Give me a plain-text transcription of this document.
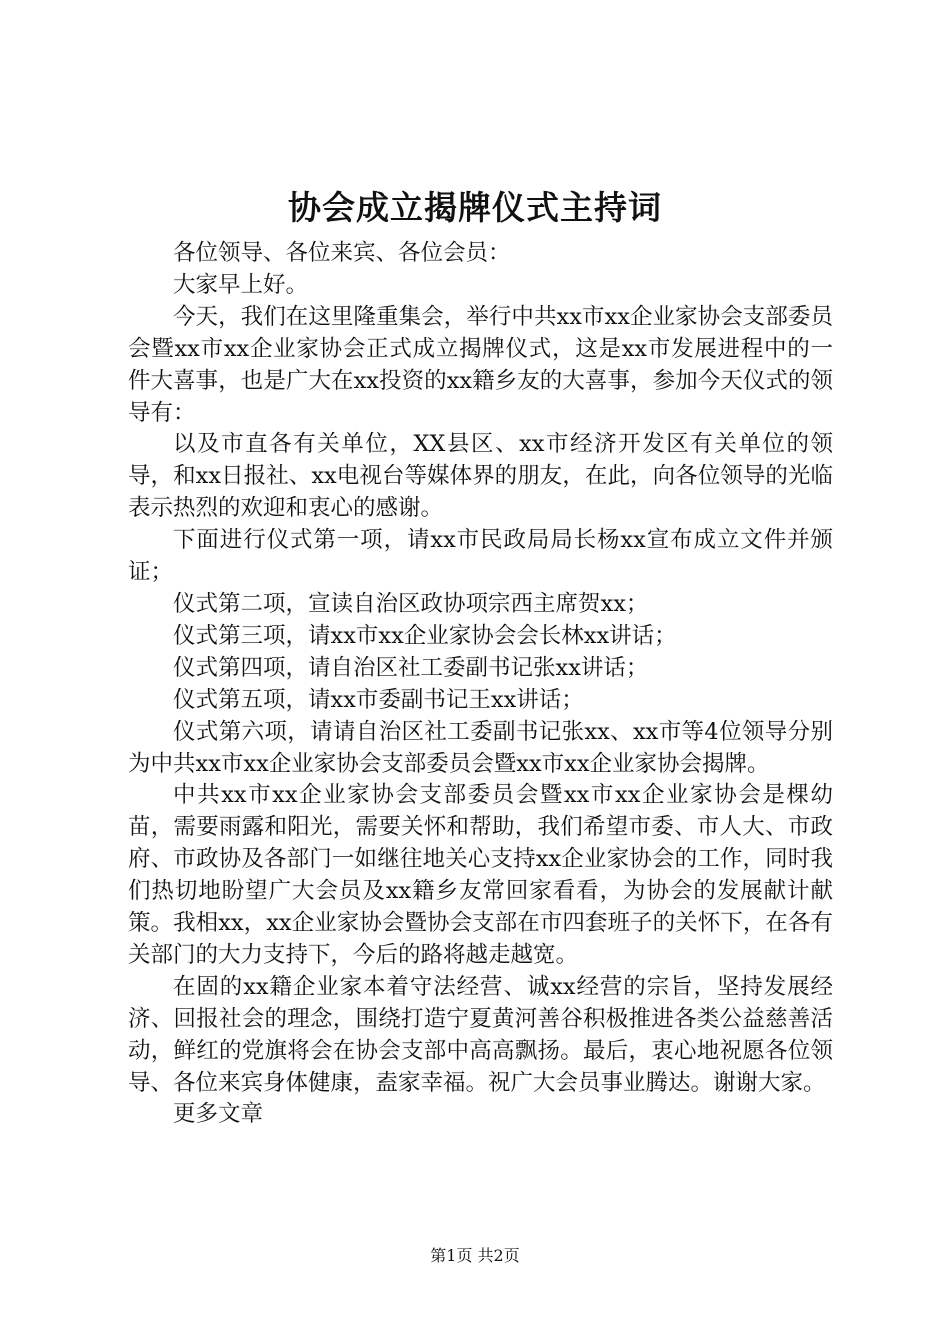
协会成立揭牌仪式主持词

各位领导、各位来宾、各位会员：

大家早上好。

今天，我们在这里隆重集会，举行中共xx市xx企业家协会支部委员会暨xx市xx企业家协会正式成立揭牌仪式，这是xx市发展进程中的一件大喜事，也是广大在xx投资的xx籍乡友的大喜事，参加今天仪式的领导有：

以及市直各有关单位，XX县区、xx市经济开发区有关单位的领导，和xx日报社、xx电视台等媒体界的朋友，在此，向各位领导的光临表示热烈的欢迎和衷心的感谢。

下面进行仪式第一项，请xx市民政局局长杨xx宣布成立文件并颁证；

仪式第二项，宣读自治区政协项宗西主席贺xx；

仪式第三项，请xx市xx企业家协会会长林xx讲话；

仪式第四项，请自治区社工委副书记张xx讲话；

仪式第五项，请xx市委副书记王xx讲话；

仪式第六项，请请自治区社工委副书记张xx、xx市等4位领导分别为中共xx市xx企业家协会支部委员会暨xx市xx企业家协会揭牌。

中共xx市xx企业家协会支部委员会暨xx市xx企业家协会是棵幼苗，需要雨露和阳光，需要关怀和帮助，我们希望市委、市人大、市政府、市政协及各部门一如继往地关心支持xx企业家协会的工作，同时我们热切地盼望广大会员及xx籍乡友常回家看看，为协会的发展献计献策。我相xx，xx企业家协会暨协会支部在市四套班子的关怀下，在各有关部门的大力支持下，今后的路将越走越宽。

在固的xx籍企业家本着守法经营、诚xx经营的宗旨，坚持发展经济、回报社会的理念，围绕打造宁夏黄河善谷积极推进各类公益慈善活动，鲜红的党旗将会在协会支部中高高飘扬。最后，衷心地祝愿各位领导、各位来宾身体健康，盍家幸福。祝广大会员事业腾达。谢谢大家。

更多文章

第1页 共2页
